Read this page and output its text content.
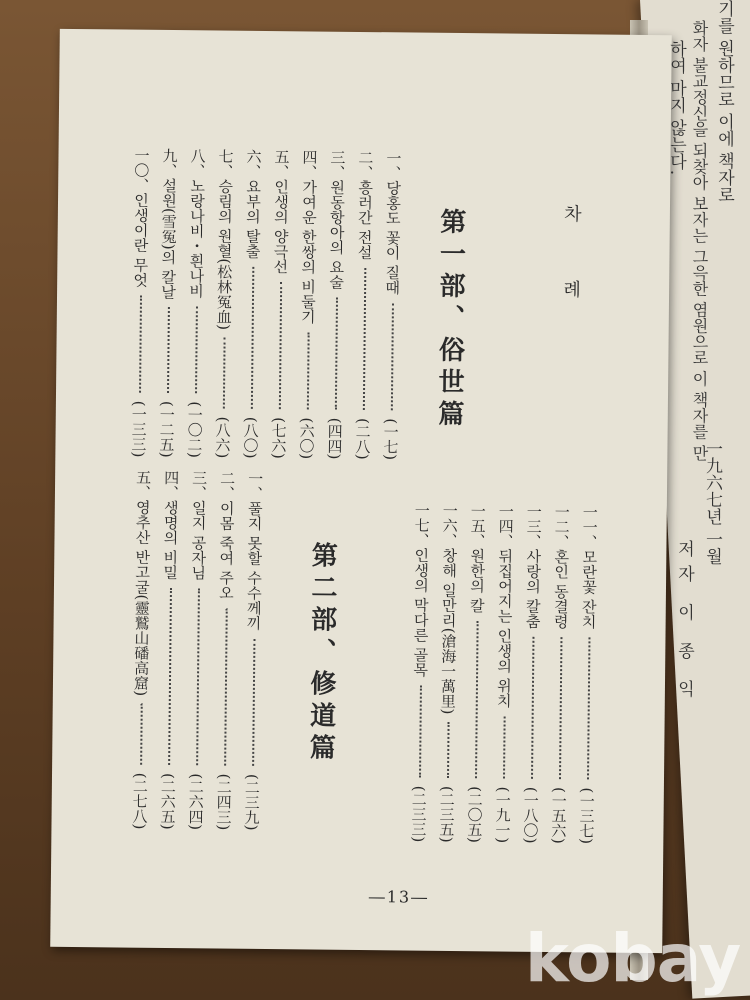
차 례
第一部、俗世篇
一、당홍도 꽃이 질때
(一七)
二、흥러간 전설
(二八)
三、원동항아의 요술
(四四)
四、가여운 한쌍의 비둘기
(六〇)
五、인생의 양극선
(七六)
六、요부의 탈출
(八〇)
七、승림의 원혈(松林冤血)
(八六)
八、노랑나비・흰나비
(一〇二)
九、설원(雪冤)의 칼날
(一二五)
一〇、인생이란 무엇
(一三三)
一一、모란꽃 잔치
(一三七)
一二、혼인 동결령
(一五六)
一三、사랑의 칼춤
(一八〇)
一四、뒤집어지는 인생의 위치
(一九一)
一五、원한의 칼
(二〇五)
一六、창해 일만리(滄海一萬里)
(二三五)
一七、인생의 막다른 골목
(二三三)
第二部、修道篇
一、풀지 못할 수수께끼
(二三九)
二、이몸 죽여 주오
(二四三)
三、일지 공자님
(二六四)
四、생명의 비밀
(二六五)
五、영추산 반고굴(靈鷲山磻高窟)
(二七八)
―13―
기를 원하므로 이에 책자로
화자 불교정신을 되찾아 보자는 그윽한 염원으로 이 책자를 만
하여 마지 않는다.
一九六七년 一월
저자 이 종 익
kobay
